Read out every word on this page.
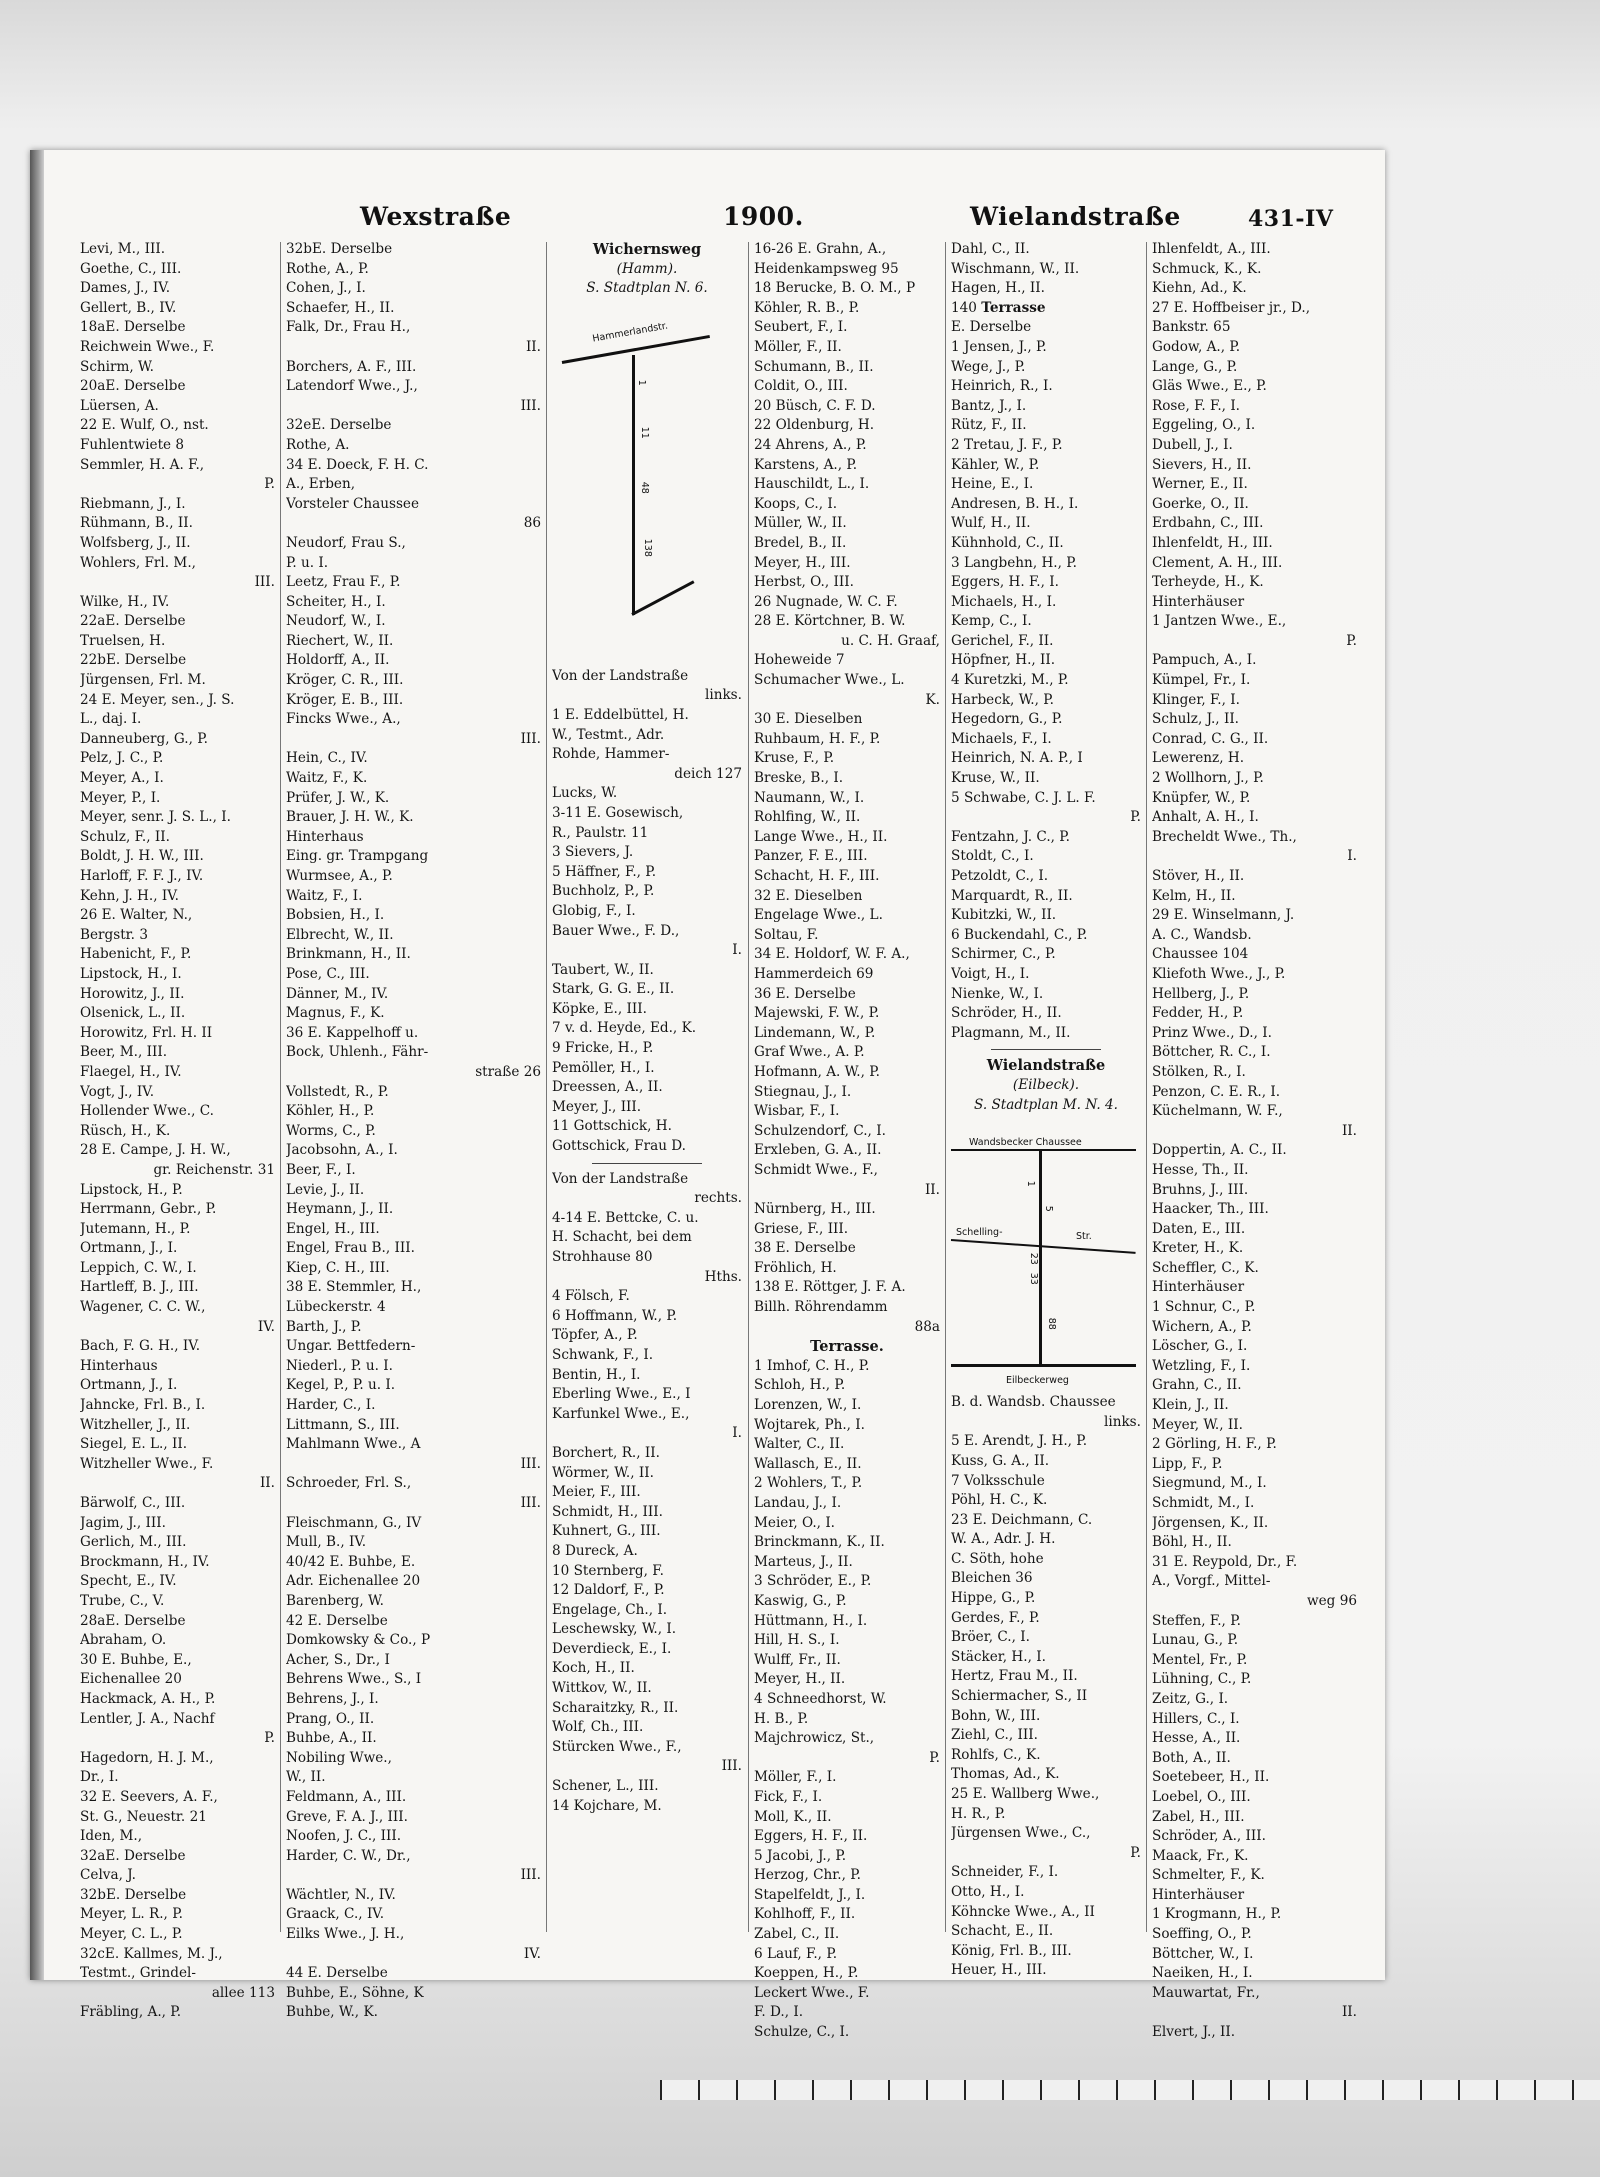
Wexstraße	1900.	Wielandstraße	431-IV
Levi, M., III.
Goethe, C., III.
Dames, J., IV.
Gellert, B., IV.
18aE. Derselbe
Reichwein Wwe., F.
Schirm, W.
20aE. Derselbe
Lüersen, A.
22 E. Wulf, O., nst.
Fuhlentwiete 8
Semmler, H. A. F.,
P.
Riebmann, J., I.
Rühmann, B., II.
Wolfsberg, J., II.
Wohlers, Frl. M.,
III.
Wilke, H., IV.
22aE. Derselbe
Truelsen, H.
22bE. Derselbe
Jürgensen, Frl. M.
24 E. Meyer, sen., J. S.
L., daj. I.
Danneuberg, G., P.
Pelz, J. C., P.
Meyer, A., I.
Meyer, P., I.
Meyer, senr. J. S. L., I.
Schulz, F., II.
Boldt, J. H. W., III.
Harloff, F. F. J., IV.
Kehn, J. H., IV.
26 E. Walter, N.,
Bergstr. 3
Habenicht, F., P.
Lipstock, H., I.
Horowitz, J., II.
Olsenick, L., II.
Horowitz, Frl. H. II
Beer, M., III.
Flaegel, H., IV.
Vogt, J., IV.
Hollender Wwe., C.
Rüsch, H., K.
28 E. Campe, J. H. W.,
gr. Reichenstr. 31
Lipstock, H., P.
Herrmann, Gebr., P.
Jutemann, H., P.
Ortmann, J., I.
Leppich, C. W., I.
Hartleff, B. J., III.
Wagener, C. C. W.,
IV.
Bach, F. G. H., IV.
Hinterhaus
Ortmann, J., I.
Jahncke, Frl. B., I.
Witzheller, J., II.
Siegel, E. L., II.
Witzheller Wwe., F.
II.
Bärwolf, C., III.
Jagim, J., III.
Gerlich, M., III.
Brockmann, H., IV.
Specht, E., IV.
Trube, C., V.
28aE. Derselbe
Abraham, O.
30 E. Buhbe, E.,
Eichenallee 20
Hackmack, A. H., P.
Lentler, J. A., Nachf
P.
Hagedorn, H. J. M.,
Dr., I.
32 E. Seevers, A. F.,
St. G., Neuestr. 21
Iden, M.,
32aE. Derselbe
Celva, J.
32bE. Derselbe
Meyer, L. R., P.
Meyer, C. L., P.
32cE. Kallmes, M. J.,
Testmt., Grindel-
allee 113
Fräbling, A., P.
32bE. Derselbe
Rothe, A., P.
Cohen, J., I.
Schaefer, H., II.
Falk, Dr., Frau H.,
II.
Borchers, A. F., III.
Latendorf Wwe., J.,
III.
32eE. Derselbe
Rothe, A.
34 E. Doeck, F. H. C.
A., Erben,
Vorsteler Chaussee
86
Neudorf, Frau S.,
P. u. I.
Leetz, Frau F., P.
Scheiter, H., I.
Neudorf, W., I.
Riechert, W., II.
Holdorff, A., II.
Kröger, C. R., III.
Kröger, E. B., III.
Fincks Wwe., A.,
III.
Hein, C., IV.
Waitz, F., K.
Prüfer, J. W., K.
Brauer, J. H. W., K.
Hinterhaus
Eing. gr. Trampgang
Wurmsee, A., P.
Waitz, F., I.
Bobsien, H., I.
Elbrecht, W., II.
Brinkmann, H., II.
Pose, C., III.
Dänner, M., IV.
Magnus, F., K.
36 E. Kappelhoff u.
Bock, Uhlenh., Fähr-
straße 26
Vollstedt, R., P.
Köhler, H., P.
Worms, C., P.
Jacobsohn, A., I.
Beer, F., I.
Levie, J., II.
Heymann, J., II.
Engel, H., III.
Engel, Frau B., III.
Kiep, C. H., III.
38 E. Stemmler, H.,
Lübeckerstr. 4
Barth, J., P.
Ungar. Bettfedern-
Niederl., P. u. I.
Kegel, P., P. u. I.
Harder, C., I.
Littmann, S., III.
Mahlmann Wwe., A
III.
Schroeder, Frl. S.,
III.
Fleischmann, G., IV
Mull, B., IV.
40/42 E. Buhbe, E.
Adr. Eichenallee 20
Barenberg, W.
42 E. Derselbe
Domkowsky & Co., P
Acher, S., Dr., I
Behrens Wwe., S., I
Behrens, J., I.
Prang, O., II.
Buhbe, A., II.
Nobiling Wwe.,
W., II.
Feldmann, A., III.
Greve, F. A. J., III.
Noofen, J. C., III.
Harder, C. W., Dr.,
III.
Wächtler, N., IV.
Graack, C., IV.
Eilks Wwe., J. H.,
IV.
44 E. Derselbe
Buhbe, E., Söhne, K
Buhbe, W., K.
Wichernsweg
(Hamm).
S. Stadtplan N. 6.
Hammerlandstr.
1
11
48
138
Von der Landstraße
links.
1 E. Eddelbüttel, H.
W., Testmt., Adr.
Rohde, Hammer-
deich 127
Lucks, W.
3-11 E. Gosewisch,
R., Paulstr. 11
3 Sievers, J.
5 Häffner, F., P.
Buchholz, P., P.
Globig, F., I.
Bauer Wwe., F. D.,
I.
Taubert, W., II.
Stark, G. G. E., II.
Köpke, E., III.
7 v. d. Heyde, Ed., K.
9 Fricke, H., P.
Pemöller, H., I.
Dreessen, A., II.
Meyer, J., III.
11 Gottschick, H.
Gottschick, Frau D.
Von der Landstraße
rechts.
4-14 E. Bettcke, C. u.
H. Schacht, bei dem
Strohhause 80
Hths.
4 Fölsch, F.
6 Hoffmann, W., P.
Töpfer, A., P.
Schwank, F., I.
Bentin, H., I.
Eberling Wwe., E., I
Karfunkel Wwe., E.,
I.
Borchert, R., II.
Wörmer, W., II.
Meier, F., III.
Schmidt, H., III.
Kuhnert, G., III.
8 Dureck, A.
10 Sternberg, F.
12 Daldorf, F., P.
Engelage, Ch., I.
Leschewsky, W., I.
Deverdieck, E., I.
Koch, H., II.
Wittkov, W., II.
Scharaitzky, R., II.
Wolf, Ch., III.
Stürcken Wwe., F.,
III.
Schener, L., III.
14 Kojchare, M.
16-26 E. Grahn, A.,
Heidenkampsweg 95
18 Berucke, B. O. M., P
Köhler, R. B., P.
Seubert, F., I.
Möller, F., II.
Schumann, B., II.
Coldit, O., III.
20 Büsch, C. F. D.
22 Oldenburg, H.
24 Ahrens, A., P.
Karstens, A., P.
Hauschildt, L., I.
Koops, C., I.
Müller, W., II.
Bredel, B., II.
Meyer, H., III.
Herbst, O., III.
26 Nugnade, W. C. F.
28 E. Körtchner, B. W.
u. C. H. Graaf,
Hoheweide 7
Schumacher Wwe., L.
K.
30 E. Dieselben
Ruhbaum, H. F., P.
Kruse, F., P.
Breske, B., I.
Naumann, W., I.
Rohlfing, W., II.
Lange Wwe., H., II.
Panzer, F. E., III.
Schacht, H. F., III.
32 E. Dieselben
Engelage Wwe., L.
Soltau, F.
34 E. Holdorf, W. F. A.,
Hammerdeich 69
36 E. Derselbe
Majewski, F. W., P.
Lindemann, W., P.
Graf Wwe., A. P.
Hofmann, A. W., P.
Stiegnau, J., I.
Wisbar, F., I.
Schulzendorf, C., I.
Erxleben, G. A., II.
Schmidt Wwe., F.,
II.
Nürnberg, H., III.
Griese, F., III.
38 E. Derselbe
Fröhlich, H.
138 E. Röttger, J. F. A.
Billh. Röhrendamm
88a
Terrasse.
1 Imhof, C. H., P.
Schloh, H., P.
Lorenzen, W., I.
Wojtarek, Ph., I.
Walter, C., II.
Wallasch, E., II.
2 Wohlers, T., P.
Landau, J., I.
Meier, O., I.
Brinckmann, K., II.
Marteus, J., II.
3 Schröder, E., P.
Kaswig, G., P.
Hüttmann, H., I.
Hill, H. S., I.
Wulff, Fr., II.
Meyer, H., II.
4 Schneedhorst, W.
H. B., P.
Majchrowicz, St.,
P.
Möller, F., I.
Fick, F., I.
Moll, K., II.
Eggers, H. F., II.
5 Jacobi, J., P.
Herzog, Chr., P.
Stapelfeldt, J., I.
Kohlhoff, F., II.
Zabel, C., II.
6 Lauf, F., P.
Koeppen, H., P.
Leckert Wwe., F.
F. D., I.
Schulze, C., I.
Dahl, C., II.
Wischmann, W., II.
Hagen, H., II.
140 Terrasse
E. Derselbe
1 Jensen, J., P.
Wege, J., P.
Heinrich, R., I.
Bantz, J., I.
Rütz, F., II.
2 Tretau, J. F., P.
Kähler, W., P.
Heine, E., I.
Andresen, B. H., I.
Wulf, H., II.
Kühnhold, C., II.
3 Langbehn, H., P.
Eggers, H. F., I.
Michaels, H., I.
Kemp, C., I.
Gerichel, F., II.
Höpfner, H., II.
4 Kuretzki, M., P.
Harbeck, W., P.
Hegedorn, G., P.
Michaels, F., I.
Heinrich, N. A. P., I
Kruse, W., II.
5 Schwabe, C. J. L. F.
P.
Fentzahn, J. C., P.
Stoldt, C., I.
Petzoldt, C., I.
Marquardt, R., II.
Kubitzki, W., II.
6 Buckendahl, C., P.
Schirmer, C., P.
Voigt, H., I.
Nienke, W., I.
Schröder, H., II.
Plagmann, M., II.
Wielandstraße
(Eilbeck).
S. Stadtplan M. N. 4.
Wandsbecker Chaussee
Schelling-	Str.
Eilbeckerweg
1
5
23
33
88
B. d. Wandsb. Chaussee
links.
5 E. Arendt, J. H., P.
Kuss, G. A., II.
7 Volksschule
Pöhl, H. C., K.
23 E. Deichmann, C.
W. A., Adr. J. H.
C. Söth, hohe
Bleichen 36
Hippe, G., P.
Gerdes, F., P.
Bröer, C., I.
Stäcker, H., I.
Hertz, Frau M., II.
Schiermacher, S., II
Bohn, W., III.
Ziehl, C., III.
Rohlfs, C., K.
Thomas, Ad., K.
25 E. Wallberg Wwe.,
H. R., P.
Jürgensen Wwe., C.,
P.
Schneider, F., I.
Otto, H., I.
Köhncke Wwe., A., II
Schacht, E., II.
König, Frl. B., III.
Heuer, H., III.
Ihlenfeldt, A., III.
Schmuck, K., K.
Kiehn, Ad., K.
27 E. Hoffbeiser jr., D.,
Bankstr. 65
Godow, A., P.
Lange, G., P.
Gläs Wwe., E., P.
Rose, F. F., I.
Eggeling, O., I.
Dubell, J., I.
Sievers, H., II.
Werner, E., II.
Goerke, O., II.
Erdbahn, C., III.
Ihlenfeldt, H., III.
Clement, A. H., III.
Terheyde, H., K.
Hinterhäuser
1 Jantzen Wwe., E.,
P.
Pampuch, A., I.
Kümpel, Fr., I.
Klinger, F., I.
Schulz, J., II.
Conrad, C. G., II.
Lewerenz, H.
2 Wollhorn, J., P.
Knüpfer, W., P.
Anhalt, A. H., I.
Brecheldt Wwe., Th.,
I.
Stöver, H., II.
Kelm, H., II.
29 E. Winselmann, J.
A. C., Wandsb.
Chaussee 104
Kliefoth Wwe., J., P.
Hellberg, J., P.
Fedder, H., P.
Prinz Wwe., D., I.
Böttcher, R. C., I.
Stölken, R., I.
Penzon, C. E. R., I.
Küchelmann, W. F.,
II.
Doppertin, A. C., II.
Hesse, Th., II.
Bruhns, J., III.
Haacker, Th., III.
Daten, E., III.
Kreter, H., K.
Scheffler, C., K.
Hinterhäuser
1 Schnur, C., P.
Wichern, A., P.
Löscher, G., I.
Wetzling, F., I.
Grahn, C., II.
Klein, J., II.
Meyer, W., II.
2 Görling, H. F., P.
Lipp, F., P.
Siegmund, M., I.
Schmidt, M., I.
Jörgensen, K., II.
Böhl, H., II.
31 E. Reypold, Dr., F.
A., Vorgf., Mittel-
weg 96
Steffen, F., P.
Lunau, G., P.
Mentel, Fr., P.
Lühning, C., P.
Zeitz, G., I.
Hillers, C., I.
Hesse, A., II.
Both, A., II.
Soetebeer, H., II.
Loebel, O., III.
Zabel, H., III.
Schröder, A., III.
Maack, Fr., K.
Schmelter, F., K.
Hinterhäuser
1 Krogmann, H., P.
Soeffing, O., P.
Böttcher, W., I.
Naeiken, H., I.
Mauwartat, Fr.,
II.
Elvert, J., II.
